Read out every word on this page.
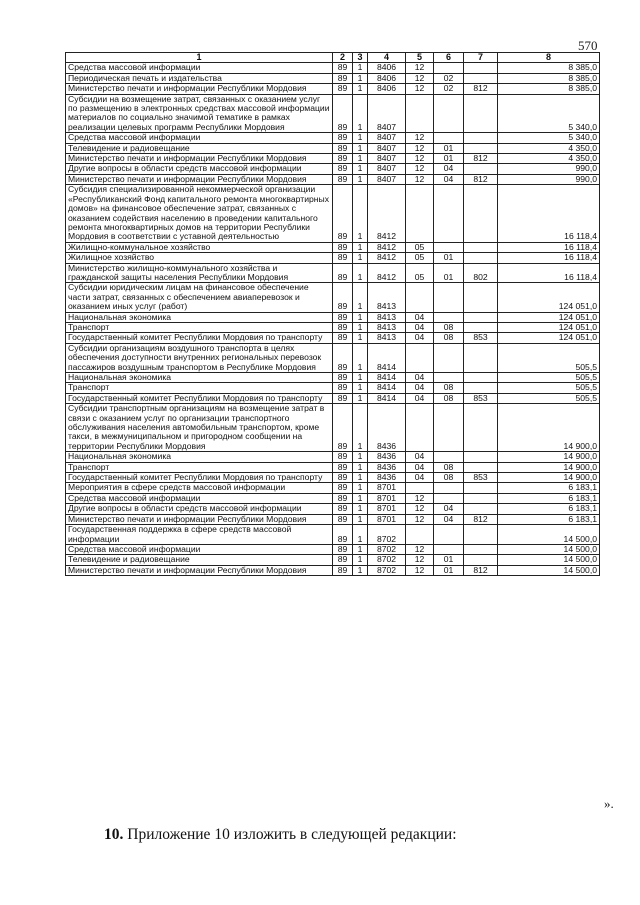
570
1	2	3	4	5	6	7	8
Средства массовой информации	89	1	8406	12			8 385,0
Периодическая печать и издательства	89	1	8406	12	02		8 385,0
Министерство печати и информации Республики Мордовия	89	1	8406	12	02	812	8 385,0
Субсидии на возмещение затрат, связанных с оказанием услуг по размещению в электронных средствах массовой информации материалов по социально значимой тематике в рамках реализации целевых программ Республики Мордовия	89	1	8407				5 340,0
Средства массовой информации	89	1	8407	12			5 340,0
Телевидение и радиовещание	89	1	8407	12	01		4 350,0
Министерство печати и информации Республики Мордовия	89	1	8407	12	01	812	4 350,0
Другие вопросы в области средств массовой информации	89	1	8407	12	04		990,0
Министерство печати и информации Республики Мордовия	89	1	8407	12	04	812	990,0
Субсидия специализированной некоммерческой организации «Республиканский Фонд капитального ремонта многоквартирных домов» на финансовое обеспечение затрат, связанных с оказанием содействия населению в проведении капитального ремонта многоквартирных домов на территории Республики Мордовия в соответствии с уставной деятельностью	89	1	8412				16 118,4
Жилищно-коммунальное хозяйство	89	1	8412	05			16 118,4
Жилищное хозяйство	89	1	8412	05	01		16 118,4
Министерство жилищно-коммунального хозяйства и гражданской защиты населения Республики Мордовия	89	1	8412	05	01	802	16 118,4
Субсидии юридическим лицам на финансовое обеспечение части затрат, связанных с обеспечением авиаперевозок и оказанием иных услуг (работ)	89	1	8413				124 051,0
Национальная экономика	89	1	8413	04			124 051,0
Транспорт	89	1	8413	04	08		124 051,0
Государственный комитет Республики Мордовия по транспорту	89	1	8413	04	08	853	124 051,0
Субсидии организациям воздушного транспорта в целях обеспечения доступности внутренних региональных перевозок пассажиров воздушным транспортом в Республике Мордовия	89	1	8414				505,5
Национальная экономика	89	1	8414	04			505,5
Транспорт	89	1	8414	04	08		505,5
Государственный комитет Республики Мордовия по транспорту	89	1	8414	04	08	853	505,5
Субсидии транспортным организациям на возмещение затрат в связи с оказанием услуг по организации транспортного обслуживания населения автомобильным транспортом, кроме такси, в межмуниципальном и пригородном сообщении на территории Республики Мордовия	89	1	8436				14 900,0
Национальная экономика	89	1	8436	04			14 900,0
Транспорт	89	1	8436	04	08		14 900,0
Государственный комитет Республики Мордовия по транспорту	89	1	8436	04	08	853	14 900,0
Мероприятия в сфере средств массовой информации	89	1	8701				6 183,1
Средства массовой информации	89	1	8701	12			6 183,1
Другие вопросы в области средств массовой информации	89	1	8701	12	04		6 183,1
Министерство печати и информации Республики Мордовия	89	1	8701	12	04	812	6 183,1
Государственная поддержка в сфере средств массовой информации	89	1	8702				14 500,0
Средства массовой информации	89	1	8702	12			14 500,0
Телевидение и радиовещание	89	1	8702	12	01		14 500,0
Министерство печати и информации Республики Мордовия	89	1	8702	12	01	812	14 500,0
».
10. Приложение 10 изложить в следующей редакции:
